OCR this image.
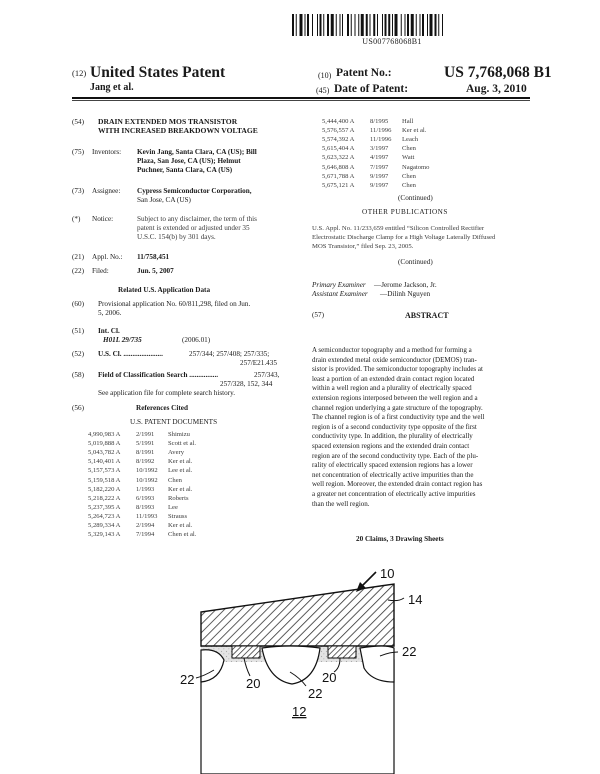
US007768068B1
(12) United States Patent
Jang et al.
(10) Patent No.:	US 7,768,068 B1
(45) Date of Patent:	Aug. 3, 2010
(54) DRAIN EXTENDED MOS TRANSISTOR
WITH INCREASED BREAKDOWN VOLTAGE
(75) Inventors: Kevin Jang, Santa Clara, CA (US); Bill
Plaza, San Jose, CA (US); Helmut
Puchner, Santa Clara, CA (US)
(73) Assignee: Cypress Semiconductor Corporation,
San Jose, CA (US)
(*) Notice:	Subject to any disclaimer, the term of this
patent is extended or adjusted under 35
U.S.C. 154(b) by 301 days.
(21) Appl. No.: 11/758,451
(22) Filed:	Jun. 5, 2007
Related U.S. Application Data
(60) Provisional application No. 60/811,298, filed on Jun.
5, 2006.
(51) Int. Cl.
H01L 29/735	(2006.01)
(52) U.S. Cl. ......................	257/344; 257/408; 257/335;
257/E21.435
(58) Field of Classification Search ................	257/343,
257/328, 152, 344
See application file for complete search history.
(56)	References Cited
U.S. PATENT DOCUMENTS
4,990,983 A 2/1991 Shimizu
5,019,888 A 5/1991 Scott et al.
5,043,782 A 8/1991 Avery
5,140,401 A 8/1992 Ker et al.
5,157,573 A 10/1992 Lee et al.
5,159,518 A 10/1992 Chen
5,182,220 A 1/1993 Ker et al.
5,218,222 A 6/1993 Roberts
5,237,395 A 8/1993 Lee
5,264,723 A 11/1993 Strauss
5,289,334 A 2/1994 Ker et al.
5,329,143 A 7/1994 Chen et al.
5,444,400 A 8/1995 Hall
5,576,557 A 11/1996 Ker et al.
5,574,392 A 11/1996 Leach
5,615,404 A 3/1997 Chen
5,623,322 A 4/1997 Watt
5,646,808 A 7/1997 Nagatomo
5,671,788 A 9/1997 Chen
5,675,121 A 9/1997 Chen
(Continued)
OTHER PUBLICATIONS
U.S. Appl. No. 11/233,659 entitled “Silicon Controlled Rectifier
Electrostatic Discharge Clamp for a High Voltage Laterally Diffused
MOS Transistor,” filed Sep. 23, 2005.
(Continued)
Primary Examiner —Jerome Jackson, Jr.
Assistant Examiner —Dilinh Nguyen
(57)	ABSTRACT
A semiconductor topography and a method for forming a
drain extended metal oxide semiconductor (DEMOS) tran-
sistor is provided. The semiconductor topography includes at
least a portion of an extended drain contact region located
within a well region and a plurality of electrically spaced
extension regions interposed between the well region and a
channel region underlying a gate structure of the topography.
The channel region is of a first conductivity type and the well
region is of a second conductivity type opposite of the first
conductivity type. In addition, the plurality of electrically
spaced extension regions and the extended drain contact
region are of the second conductivity type. Each of the plu-
rality of electrically spaced extension regions has a lower
net concentration of electrically active impurities than the
well region. Moreover, the extended drain contact region has
a greater net concentration of electrically active impurities
than the well region.
20 Claims, 3 Drawing Sheets
10
14
22
20
22	20
22
12
